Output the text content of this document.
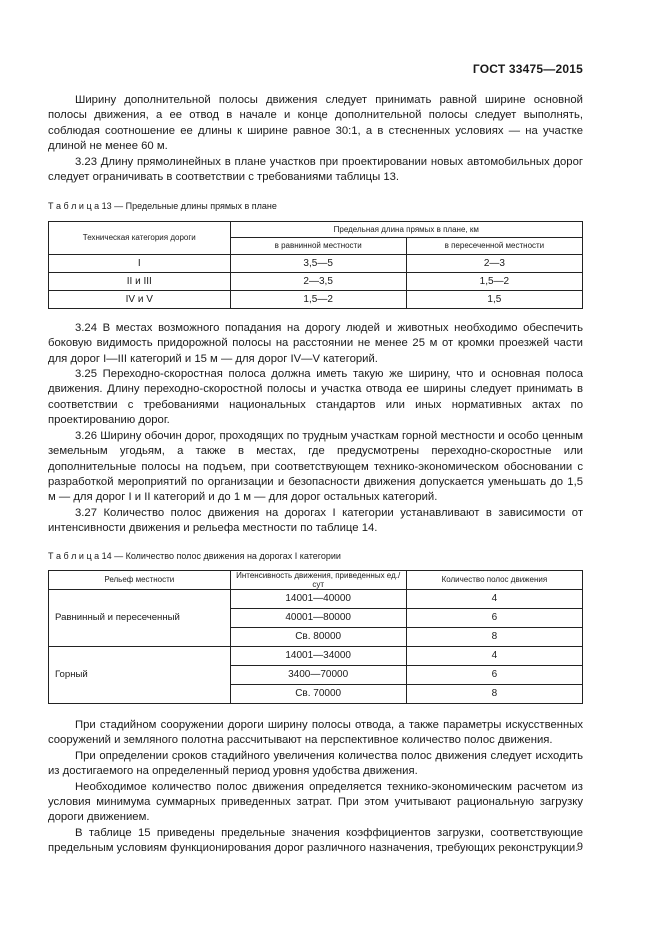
ГОСТ 33475—2015

Ширину дополнительной полосы движения следует принимать равной ширине основной полосы движения, а ее отвод в начале и конце дополнительной полосы следует выполнять, соблюдая соотношение ее длины к ширине равное 30:1, а в стесненных условиях — на участке длиной не менее 60 м.

3.23 Длину прямолинейных в плане участков при проектировании новых автомобильных дорог следует ограничивать в соответствии с требованиями таблицы 13.

Т а б л и ц а 13 — Предельные длины прямых в плане

Техническая категория дороги	Предельная длина прямых в плане, км	
	в равнинной местности	в пересеченной местности
I	3,5—5	2—3
II и III	2—3,5	1,5—2
IV и V	1,5—2	1,5

3.24 В местах возможного попадания на дорогу людей и животных необходимо обеспечить боковую видимость придорожной полосы на расстоянии не менее 25 м от кромки проезжей части для дорог I—III категорий и 15 м — для дорог IV—V категорий.

3.25 Переходно-скоростная полоса должна иметь такую же ширину, что и основная полоса движения. Длину переходно-скоростной полосы и участка отвода ее ширины следует принимать в соответствии с требованиями национальных стандартов или иных нормативных актах по проектированию дорог.

3.26 Ширину обочин дорог, проходящих по трудным участкам горной местности и особо ценным земельным угодьям, а также в местах, где предусмотрены переходно-скоростные или дополнительные полосы на подъем, при соответствующем технико-экономическом обосновании с разработкой мероприятий по организации и безопасности движения допускается уменьшать до 1,5 м — для дорог I и II категорий и до 1 м — для дорог остальных категорий.

3.27 Количество полос движения на дорогах I категории устанавливают в зависимости от интенсивности движения и рельефа местности по таблице 14.

Т а б л и ц а 14 — Количество полос движения на дорогах I категории

Рельеф местности	Интенсивность движения, приведенных ед./сут	Количество полос движения
Равнинный и пересеченный	14001—40000	4
	40001—80000	6
	Св. 80000	8
Горный	14001—34000	4
	3400—70000	6
	Св. 70000	8

При стадийном сооружении дороги ширину полосы отвода, а также параметры искусственных сооружений и земляного полотна рассчитывают на перспективное количество полос движения.

При определении сроков стадийного увеличения количества полос движения следует исходить из достигаемого на определенный период уровня удобства движения.

Необходимое количество полос движения определяется технико-экономическим расчетом из условия минимума суммарных приведенных затрат. При этом учитывают рациональную загрузку дороги движением.

В таблице 15 приведены предельные значения коэффициентов загрузки, соответствующие предельным условиям функционирования дорог различного назначения, требующих реконструкции.

9
